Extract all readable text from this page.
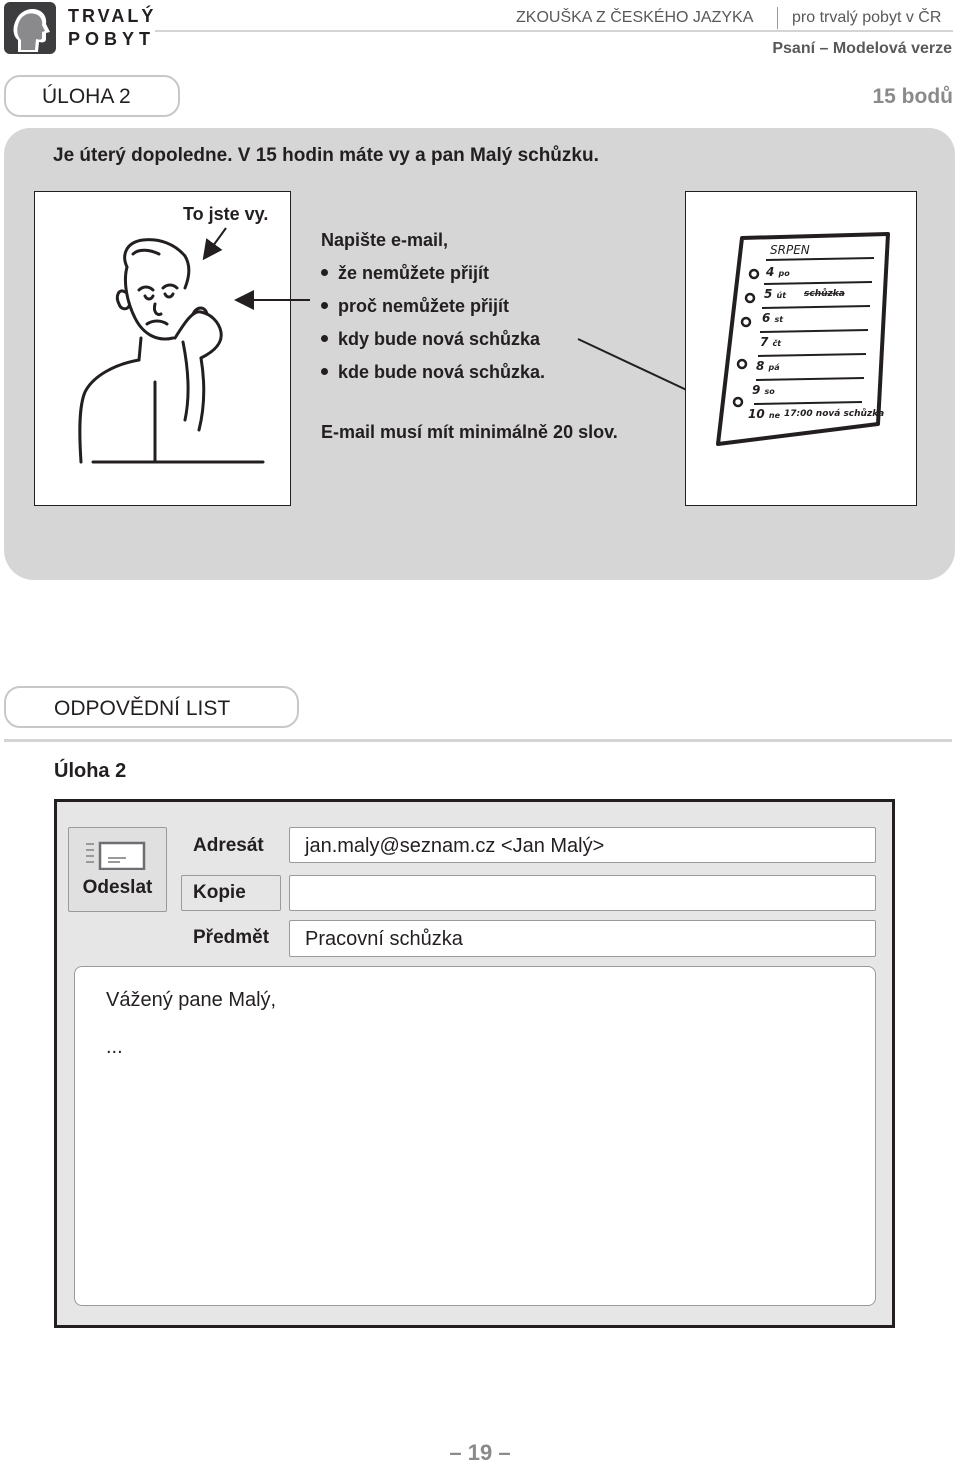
TRVALÝ
POBYT
ZKOUŠKA Z ČESKÉHO JAZYKA pro trvalý pobyt v ČR
Psaní – Modelová verze
ÚLOHA 2	15 bodů
Je úterý dopoledne. V 15 hodin máte vy a pan Malý schůzku.
To jste vy.
Napište e-mail,
že nemůžete přijít
proč nemůžete přijít
kdy bude nová schůzka
kde bude nová schůzka.
E-mail musí mít minimálně 20 slov.
SRPEN
4 po
5 út schůzka
6 st
7 čt
8 pá
9 so
10 ne 17:00 nová schůzka
ODPOVĚDNÍ LIST
Úloha 2
Odeslat
Adresát
Kopie
Předmět
jan.maly@seznam.cz <Jan Malý>
Pracovní schůzka
Vážený pane Malý,
...
– 19 –
